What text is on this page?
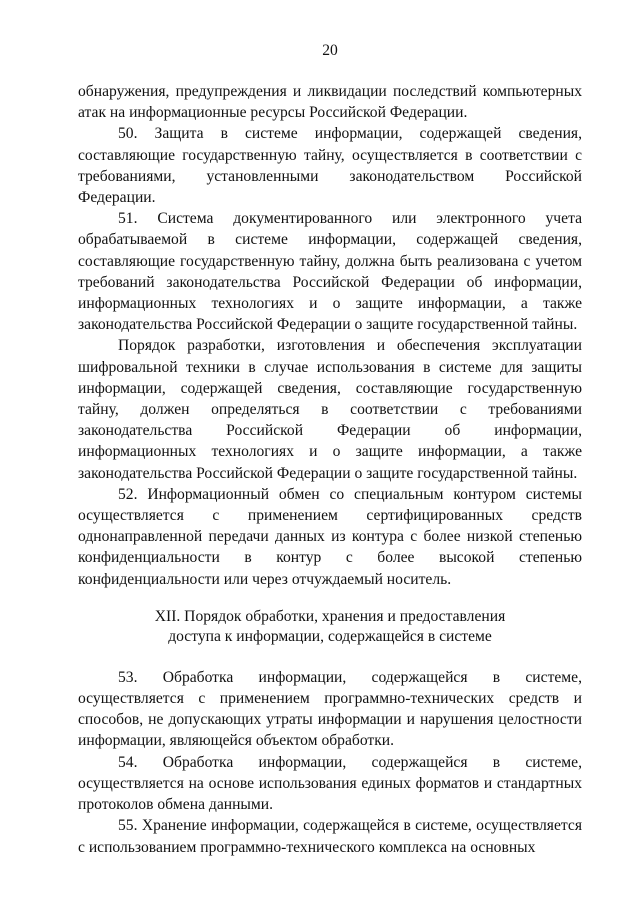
20

обнаружения, предупреждения и ликвидации последствий компьютерных атак на информационные ресурсы Российской Федерации.

50. Защита в системе информации, содержащей сведения, составляющие государственную тайну, осуществляется в соответствии с требованиями, установленными законодательством Российской Федерации.

51. Система документированного или электронного учета обрабатываемой в системе информации, содержащей сведения, составляющие государственную тайну, должна быть реализована с учетом требований законодательства Российской Федерации об информации, информационных технологиях и о защите информации, а также законодательства Российской Федерации о защите государственной тайны.

Порядок разработки, изготовления и обеспечения эксплуатации шифровальной техники в случае использования в системе для защиты информации, содержащей сведения, составляющие государственную тайну, должен определяться в соответствии с требованиями законодательства Российской Федерации об информации, информационных технологиях и о защите информации, а также законодательства Российской Федерации о защите государственной тайны.

52. Информационный обмен со специальным контуром системы осуществляется с применением сертифицированных средств однонаправленной передачи данных из контура с более низкой степенью конфиденциальности в контур с более высокой степенью конфиденциальности или через отчуждаемый носитель.

XII. Порядок обработки, хранения и предоставления
доступа к информации, содержащейся в системе

53. Обработка информации, содержащейся в системе, осуществляется с применением программно-технических средств и способов, не допускающих утраты информации и нарушения целостности информации, являющейся объектом обработки.

54. Обработка информации, содержащейся в системе, осуществляется на основе использования единых форматов и стандартных протоколов обмена данными.

55. Хранение информации, содержащейся в системе, осуществляется с использованием программно-технического комплекса на основных
